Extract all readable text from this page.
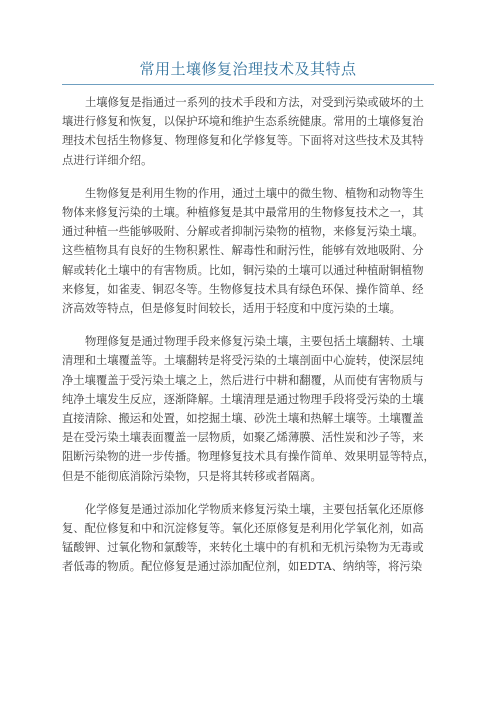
常用土壤修复治理技术及其特点

土壤修复是指通过一系列的技术手段和方法，对受到污染或破坏的土
壤进行修复和恢复，以保护环境和维护生态系统健康。常用的土壤修复治
理技术包括生物修复、物理修复和化学修复等。下面将对这些技术及其特
点进行详细介绍。

生物修复是利用生物的作用，通过土壤中的微生物、植物和动物等生
物体来修复污染的土壤。种植修复是其中最常用的生物修复技术之一，其
通过种植一些能够吸附、分解或者抑制污染物的植物，来修复污染土壤。
这些植物具有良好的生物积累性、解毒性和耐污性，能够有效地吸附、分
解或转化土壤中的有害物质。比如，铜污染的土壤可以通过种植耐铜植物
来修复，如雀麦、铜忍冬等。生物修复技术具有绿色环保、操作简单、经
济高效等特点，但是修复时间较长，适用于轻度和中度污染的土壤。

物理修复是通过物理手段来修复污染土壤，主要包括土壤翻转、土壤
清理和土壤覆盖等。土壤翻转是将受污染的土壤剖面中心旋转，使深层纯
净土壤覆盖于受污染土壤之上，然后进行中耕和翻覆，从而使有害物质与
纯净土壤发生反应，逐渐降解。土壤清理是通过物理手段将受污染的土壤
直接清除、搬运和处置，如挖掘土壤、砂洗土壤和热解土壤等。土壤覆盖
是在受污染土壤表面覆盖一层物质，如聚乙烯薄膜、活性炭和沙子等，来
阻断污染物的进一步传播。物理修复技术具有操作简单、效果明显等特点，
但是不能彻底消除污染物，只是将其转移或者隔离。

化学修复是通过添加化学物质来修复污染土壤，主要包括氧化还原修
复、配位修复和中和沉淀修复等。氧化还原修复是利用化学氧化剂，如高
锰酸钾、过氧化物和氯酸等，来转化土壤中的有机和无机污染物为无毒或
者低毒的物质。配位修复是通过添加配位剂，如EDTA、纳纳等，将污染
